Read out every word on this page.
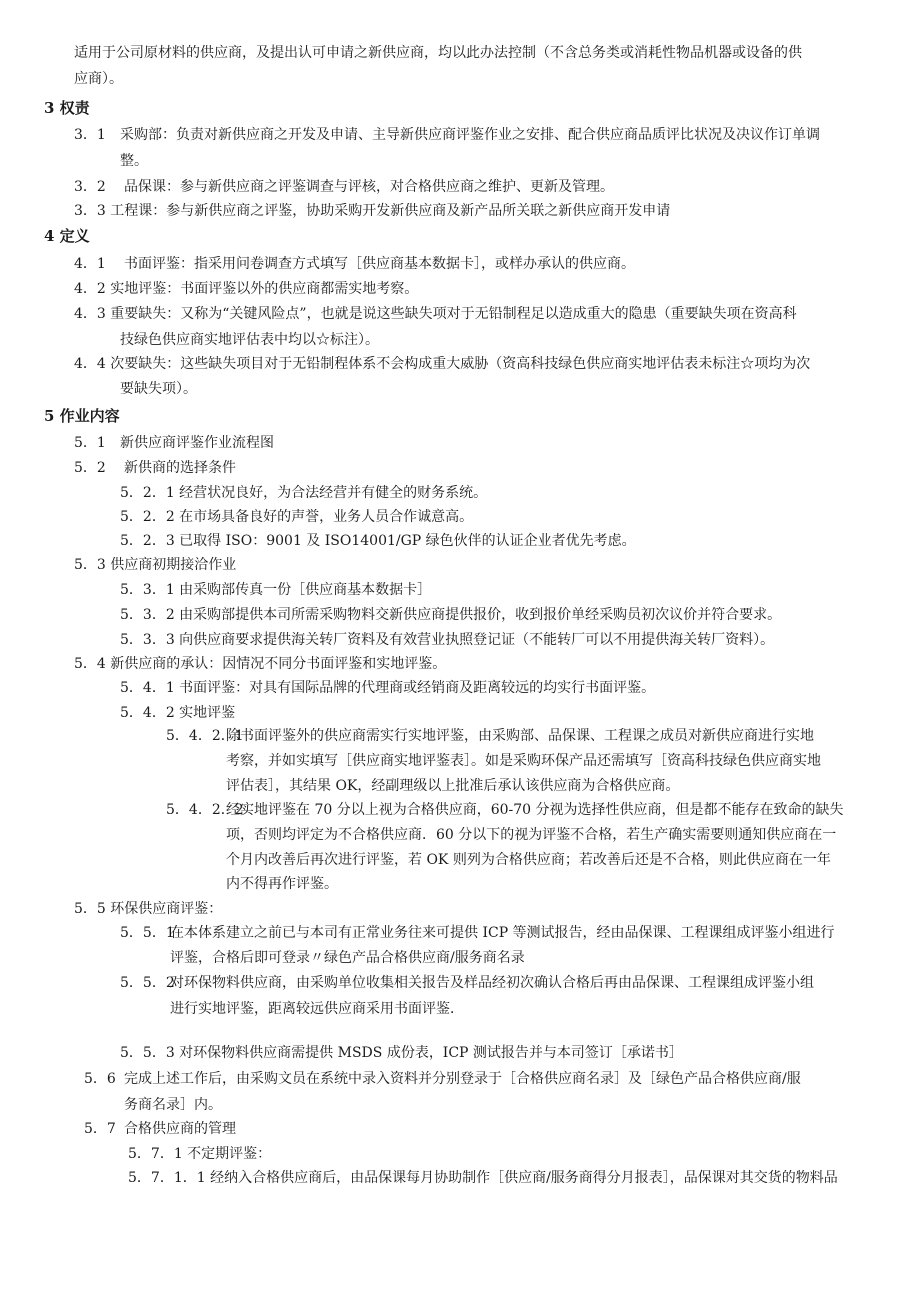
适用于公司原材料的供应商，及提出认可申请之新供应商，均以此办法控制（不含总务类或消耗性物品机器或设备的供
应商）。
3 权责
3．1 采购部：负责对新供应商之开发及申请、主导新供应商评鉴作业之安排、配合供应商品质评比状况及决议作订单调
整。
3．2 品保课：参与新供应商之评鉴调查与评核，对合格供应商之维护、更新及管理。
3．3 工程课：参与新供应商之评鉴，协助采购开发新供应商及新产品所关联之新供应商开发申请
4 定义
4．1 书面评鉴：指采用问卷调查方式填写［供应商基本数据卡］，或样办承认的供应商。
4．2 实地评鉴：书面评鉴以外的供应商都需实地考察。
4．3 重要缺失：又称为“关键风险点”，也就是说这些缺失项对于无铅制程足以造成重大的隐患（重要缺失项在资高科
技绿色供应商实地评估表中均以☆标注）。
4．4 次要缺失：这些缺失项目对于无铅制程体系不会构成重大威胁（资高科技绿色供应商实地评估表未标注☆项均为次
要缺失项）。
5 作业内容
5．1 新供应商评鉴作业流程图
5．2 新供商的选择条件
5．2．1 经营状况良好，为合法经营并有健全的财务系统。
5．2．2 在市场具备良好的声誉，业务人员合作诚意高。
5．2．3 已取得 ISO：9001 及 ISO14001/GP 绿色伙伴的认证企业者优先考虑。
5．3 供应商初期接洽作业
5．3．1 由采购部传真一份［供应商基本数据卡］
5．3．2 由采购部提供本司所需采购物料交新供应商提供报价，收到报价单经采购员初次议价并符合要求。
5．3．3 向供应商要求提供海关转厂资料及有效营业执照登记证（不能转厂可以不用提供海关转厂资料）。
5．4 新供应商的承认：因情况不同分书面评鉴和实地评鉴。
5．4．1 书面评鉴：对具有国际品牌的代理商或经销商及距离较远的均实行书面评鉴。
5．4．2 实地评鉴
5．4．2．1
除书面评鉴外的供应商需实行实地评鉴，由采购部、品保课、工程课之成员对新供应商进行实地
考察，并如实填写［供应商实地评鉴表］。如是采购环保产品还需填写［资高科技绿色供应商实地
评估表］，其结果 OK，经副理级以上批准后承认该供应商为合格供应商。
5．4．2．2
经实地评鉴在 70 分以上视为合格供应商，60-70 分视为选择性供应商，但是都不能存在致命的缺失
项，否则均评定为不合格供应商．60 分以下的视为评鉴不合格，若生产确实需要则通知供应商在一
个月内改善后再次进行评鉴，若 OK 则列为合格供应商；若改善后还是不合格，则此供应商在一年
内不得再作评鉴。
5．5 环保供应商评鉴：
5．5．1
在本体系建立之前已与本司有正常业务往来可提供 ICP 等测试报告，经由品保课、工程课组成评鉴小组进行
评鉴，合格后即可登录〃绿色产品合格供应商/服务商名录
5．5．2
对环保物料供应商，由采购单位收集相关报告及样品经初次确认合格后再由品保课、工程课组成评鉴小组
进行实地评鉴，距离较远供应商采用书面评鉴．
5．5．3 对环保物料供应商需提供 MSDS 成份表，ICP 测试报告并与本司签订［承诺书］
5．6 完成上述工作后，由采购文员在系统中录入资料并分别登录于［合格供应商名录］及［绿色产品合格供应商/服
务商名录］内。
5．7 合格供应商的管理
5．7．1 不定期评鉴：
5．7．1．1 经纳入合格供应商后，由品保课每月协助制作［供应商/服务商得分月报表］，品保课对其交货的物料品
